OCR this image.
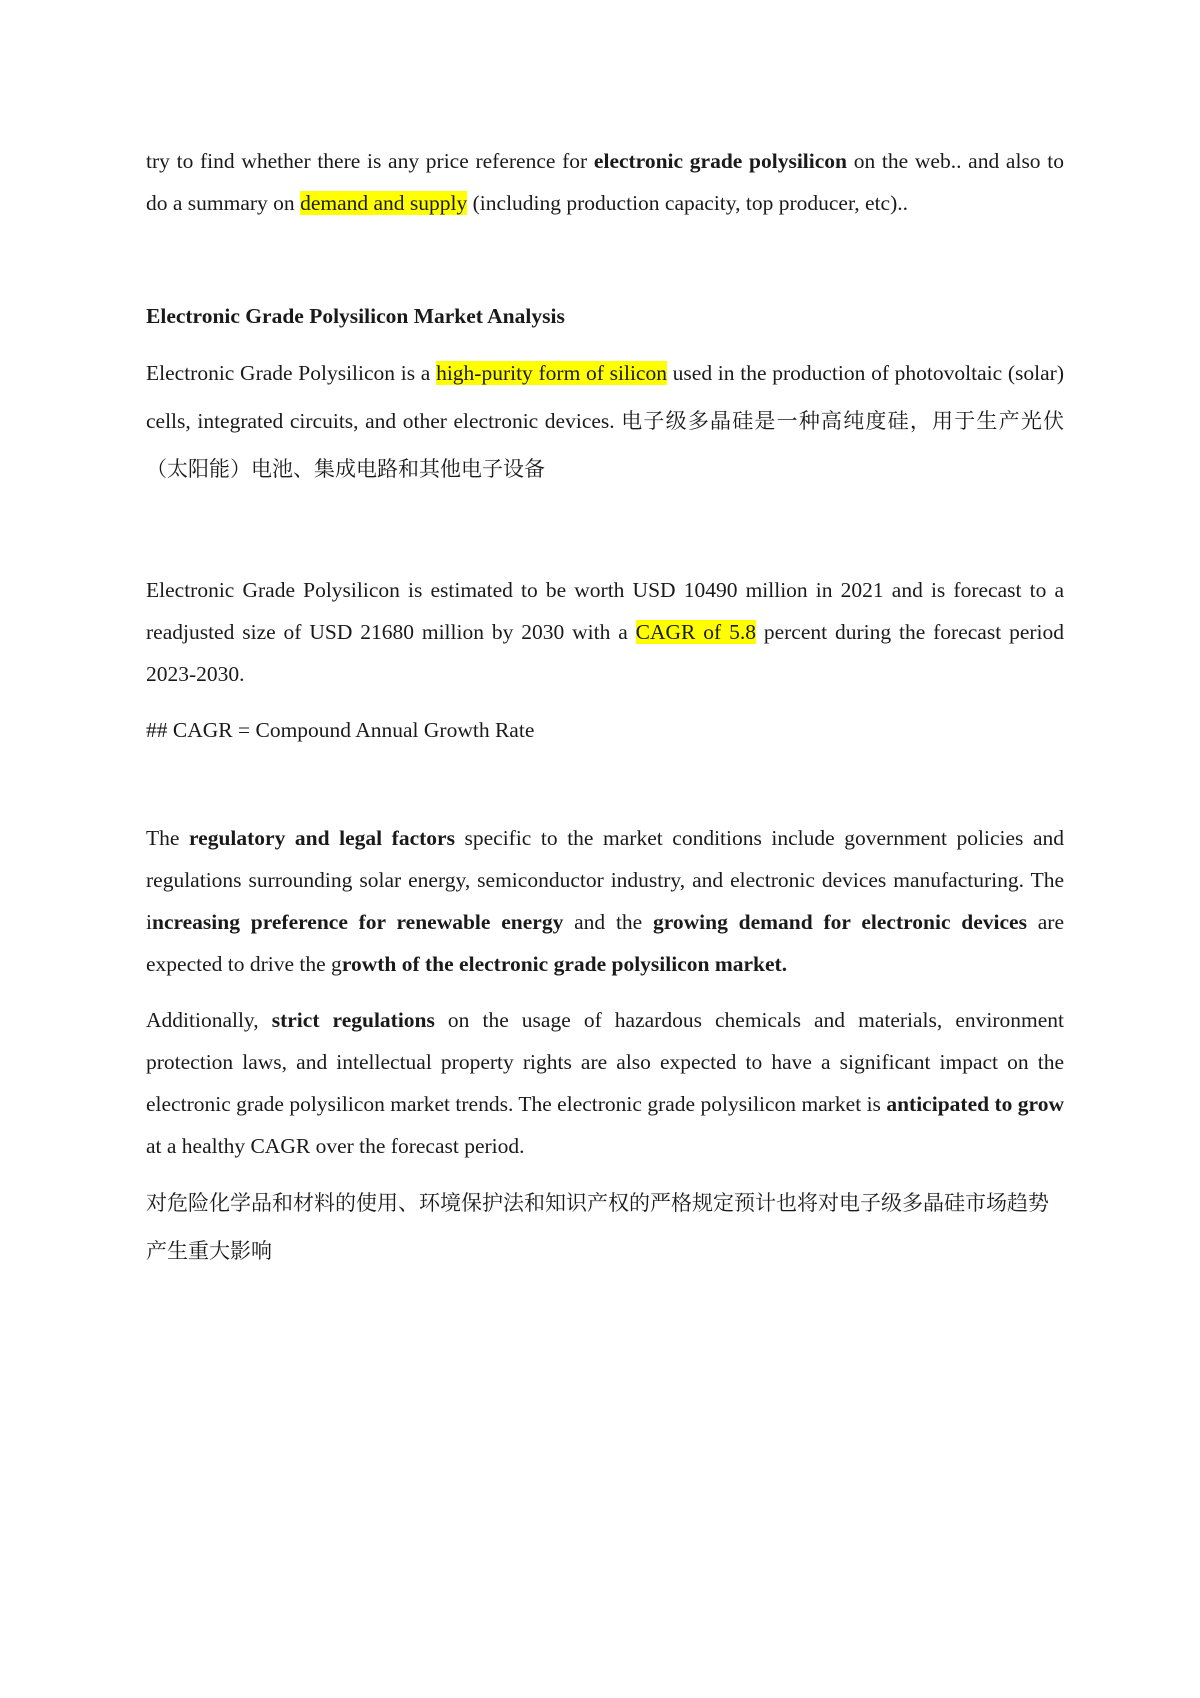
try to find whether there is any price reference for electronic grade polysilicon on the web.. and also to do a summary on demand and supply (including production capacity, top producer, etc)..

Electronic Grade Polysilicon Market Analysis

Electronic Grade Polysilicon is a high-purity form of silicon used in the production of photovoltaic (solar) cells, integrated circuits, and other electronic devices. 电子级多晶硅是一种高纯度硅，用于生产光伏（太阳能）电池、集成电路和其他电子设备

Electronic Grade Polysilicon is estimated to be worth USD 10490 million in 2021 and is forecast to a readjusted size of USD 21680 million by 2030 with a CAGR of 5.8 percent during the forecast period 2023-2030.

## CAGR = Compound Annual Growth Rate

The regulatory and legal factors specific to the market conditions include government policies and regulations surrounding solar energy, semiconductor industry, and electronic devices manufacturing. The increasing preference for renewable energy and the growing demand for electronic devices are expected to drive the growth of the electronic grade polysilicon market.

Additionally, strict regulations on the usage of hazardous chemicals and materials, environment protection laws, and intellectual property rights are also expected to have a significant impact on the electronic grade polysilicon market trends. The electronic grade polysilicon market is anticipated to grow at a healthy CAGR over the forecast period.

对危险化学品和材料的使用、环境保护法和知识产权的严格规定预计也将对电子级多晶硅市场趋势产生重大影响
